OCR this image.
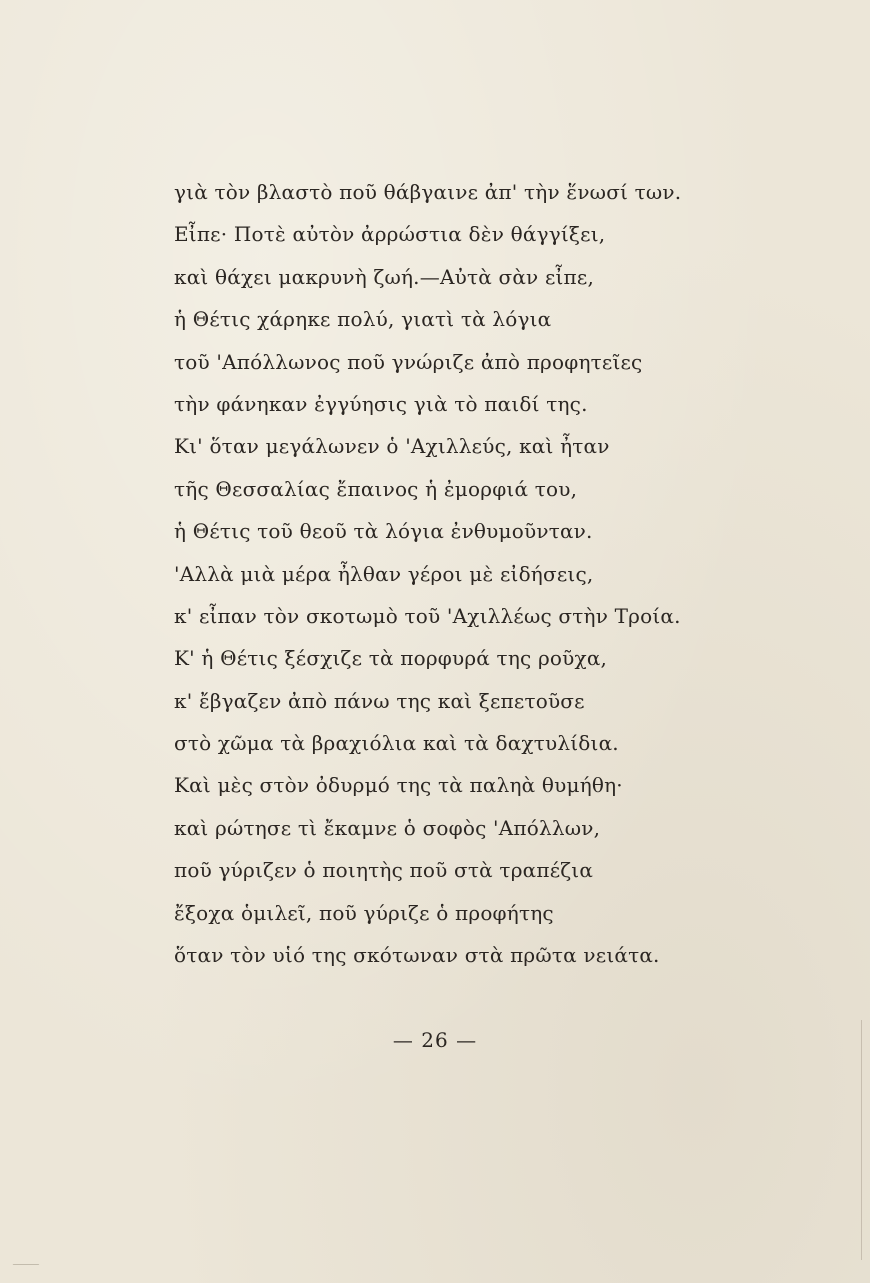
γιὰ τὸν βλαστὸ ποῦ θάβγαινε ἀπ' τὴν ἕνωσί των.
Εἶπε· Ποτὲ αὐτὸν ἀρρώστια δὲν θάγγίξει,
καὶ θάχει μακρυνὴ ζωή.—Αὐτὰ σὰν εἶπε,
ἡ Θέτις χάρηκε πολύ, γιατὶ τὰ λόγια
τοῦ 'Απόλλωνος ποῦ γνώριζε ἀπὸ προφητεῖες
τὴν φάνηκαν ἐγγύησις γιὰ τὸ παιδί της.
Κι' ὅταν μεγάλωνεν ὁ 'Αχιλλεύς, καὶ ἦταν
τῆς Θεσσαλίας ἔπαινος ἡ ἐμορφιά του,
ἡ Θέτις τοῦ θεοῦ τὰ λόγια ἐνθυμοῦνταν.
'Αλλὰ μιὰ μέρα ἦλθαν γέροι μὲ εἰδήσεις,
κ' εἶπαν τὸν σκοτωμὸ τοῦ 'Αχιλλέως στὴν Τροία.
Κ' ἡ Θέτις ξέσχιζε τὰ πορφυρά της ροῦχα,
κ' ἔβγαζεν ἀπὸ πάνω της καὶ ξεπετοῦσε
στὸ χῶμα τὰ βραχιόλια καὶ τὰ δαχτυλίδια.
Καὶ μὲς στὸν ὀδυρμό της τὰ παληὰ θυμήθη·
καὶ ρώτησε τὶ ἔκαμνε ὁ σοφὸς 'Απόλλων,
ποῦ γύριζεν ὁ ποιητὴς ποῦ στὰ τραπέζια
ἔξοχα ὁμιλεῖ, ποῦ γύριζε ὁ προφήτης
ὅταν τὸν υἱό της σκότωναν στὰ πρῶτα νειάτα.
— 26 —
